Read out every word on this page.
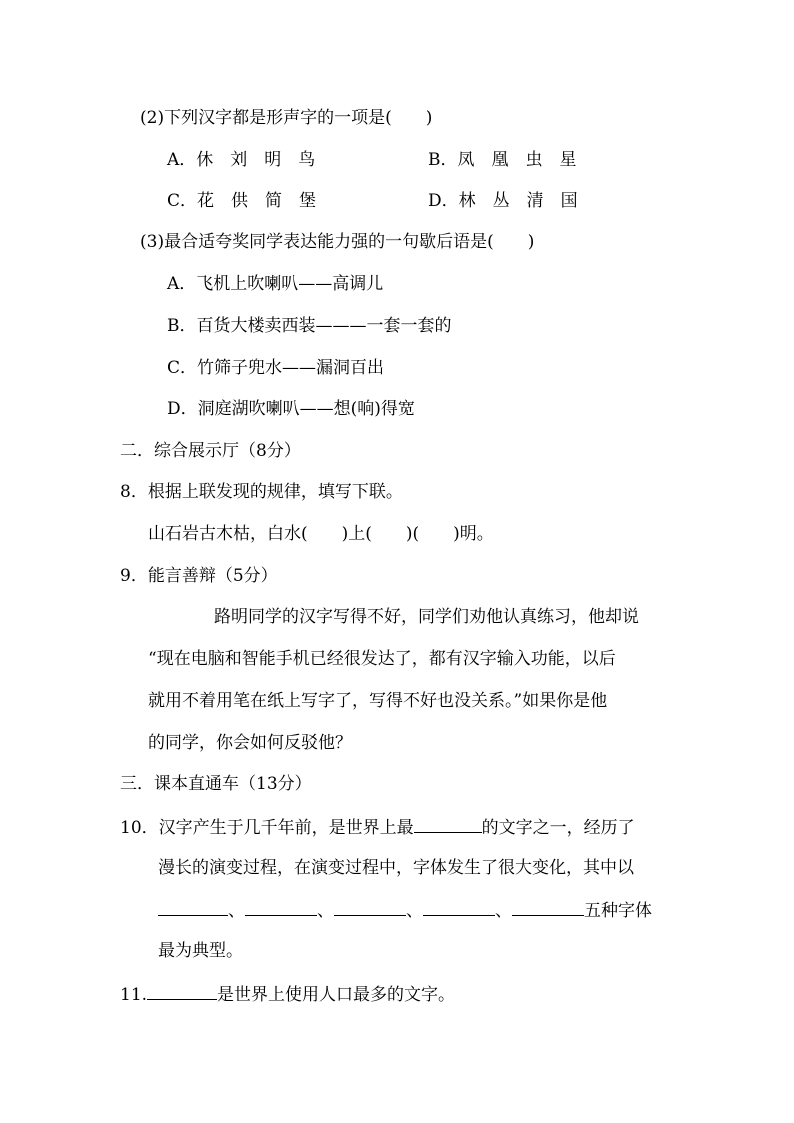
(2)下列汉字都是形声字的一项是(　　)
A．休　刘　明　鸟	B．凤　凰　虫　星
C．花　供　简　堡	D．林　丛　清　国
(3)最合适夸奖同学表达能力强的一句歇后语是(　　)
A．飞机上吹喇叭——高调儿
B．百货大楼卖西装———一套一套的
C．竹筛子兜水——漏洞百出
D．洞庭湖吹喇叭——想(响)得宽
二．综合展示厅（8分）
8．根据上联发现的规律，填写下联。
山石岩古木枯，白水(　　)上(　　)(　　)明。
9．能言善辩（5分）
路明同学的汉字写得不好，同学们劝他认真练习，他却说
“现在电脑和智能手机已经很发达了，都有汉字输入功能，以后
就用不着用笔在纸上写字了，写得不好也没关系。”如果你是他
的同学，你会如何反驳他？
三．课本直通车（13分）
10．汉字产生于几千年前，是世界上最	的文字之一，经历了
漫长的演变过程，在演变过程中，字体发生了很大变化，其中以
、	、	、	、	五种字体
最为典型。
11.	是世界上使用人口最多的文字。
